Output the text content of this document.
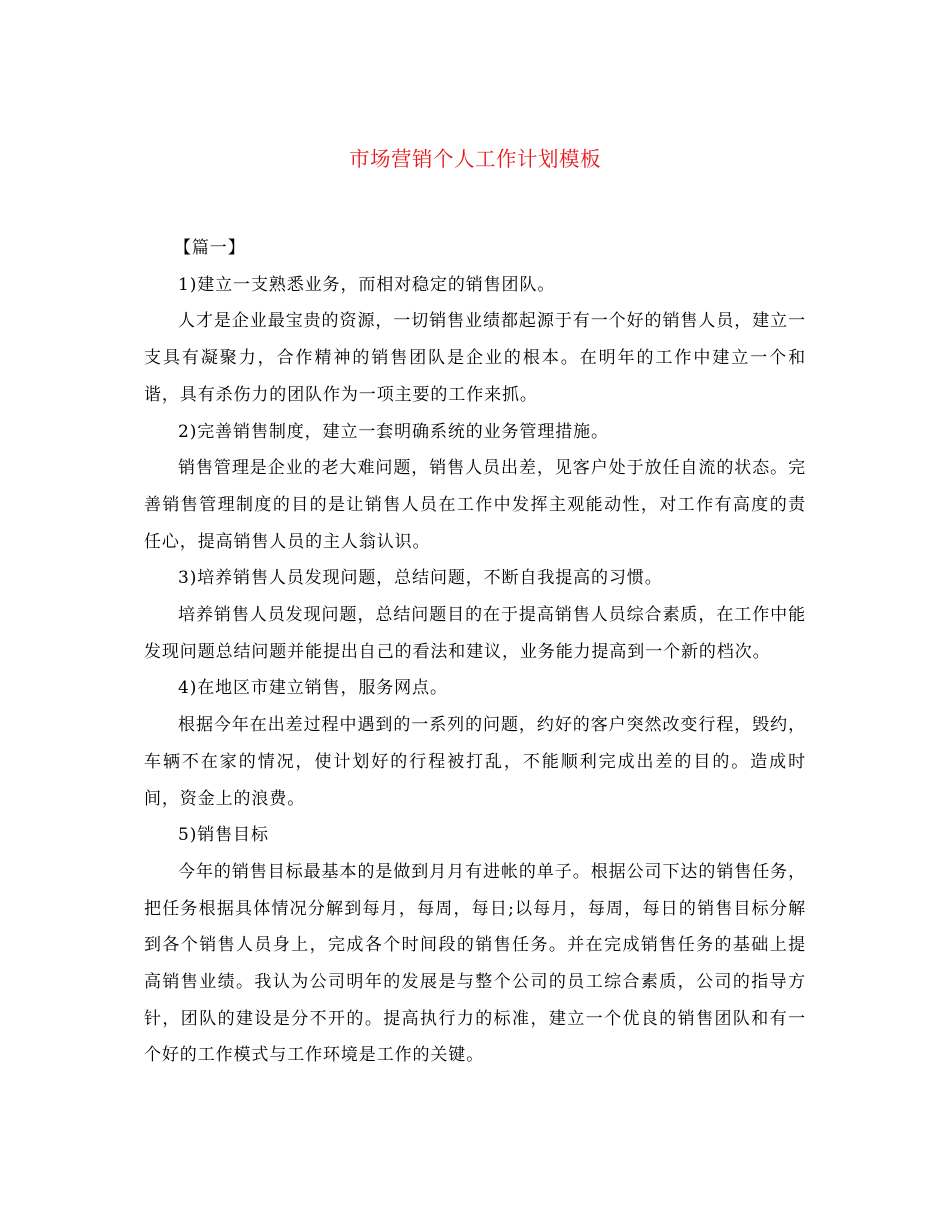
市场营销个人工作计划模板

【篇一】

1)建立一支熟悉业务，而相对稳定的销售团队。

人才是企业最宝贵的资源，一切销售业绩都起源于有一个好的销售人员，建立一支具有凝聚力，合作精神的销售团队是企业的根本。在明年的工作中建立一个和谐，具有杀伤力的团队作为一项主要的工作来抓。

2)完善销售制度，建立一套明确系统的业务管理措施。

销售管理是企业的老大难问题，销售人员出差，见客户处于放任自流的状态。完善销售管理制度的目的是让销售人员在工作中发挥主观能动性，对工作有高度的责任心，提高销售人员的主人翁认识。

3)培养销售人员发现问题，总结问题，不断自我提高的习惯。

培养销售人员发现问题，总结问题目的在于提高销售人员综合素质，在工作中能发现问题总结问题并能提出自己的看法和建议，业务能力提高到一个新的档次。

4)在地区市建立销售，服务网点。

根据今年在出差过程中遇到的一系列的问题，约好的客户突然改变行程，毁约，车辆不在家的情况，使计划好的行程被打乱，不能顺利完成出差的目的。造成时间，资金上的浪费。

5)销售目标

今年的销售目标最基本的是做到月月有进帐的单子。根据公司下达的销售任务，把任务根据具体情况分解到每月，每周，每日;以每月，每周，每日的销售目标分解到各个销售人员身上，完成各个时间段的销售任务。并在完成销售任务的基础上提高销售业绩。我认为公司明年的发展是与整个公司的员工综合素质，公司的指导方针，团队的建设是分不开的。提高执行力的标准，建立一个优良的销售团队和有一个好的工作模式与工作环境是工作的关键。
